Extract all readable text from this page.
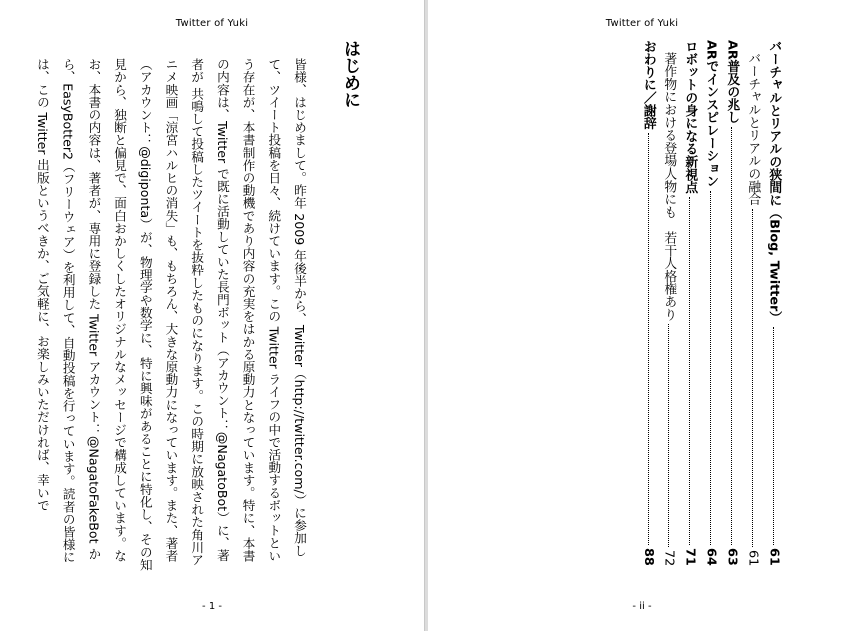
Twitter of Yuki
はじめに
皆様、はじめまして。昨年 2009 年後半から、Twitter（http://twitter.com/）に参加して、ツイート投稿を日々、続けています。この Twitter ライフの中で活動するボットという存在が、本書制作の動機であり内容の充実をはかる原動力となっています。特に、本書の内容は、Twitter で既に活動していた長門ボット（アカウント：@NagatoBot）に、著者が 共鳴して投稿したツイートを抜粋したものになります。この時期に放映された角川アニメ映画「涼宮ハルヒの消失」も、もちろん、大きな原動力になっています。また、著者（アカウント：@digiponta）が、物理学や数学に、特に興味があることに特化し、その知見から、独断と偏見で、面白おかしくしたオリジナルなメッセージで構成しています。なお、本書の内容は、著者が、専用に登録した Twitter アカウント：@NagatoFakeBot から、EasyBotter2（フリーウェア）を利用して、自動投稿を行っています。読者の皆様には、この Twitter 出版というべきか、ご気軽に、お楽しみいただければ、幸いで
- 1 -
Twitter of Yuki
バーチャルとリアルの狭間に（Blog, Twitter）
61
バーチャルとリアルの融合
61
AR普及の兆し
63
ARでインスピレーション
64
ロボットの身になる新視点
71
著作物における登場人物にも　若干人格権あり
72
おわりに／謝辞
88
- ii -
